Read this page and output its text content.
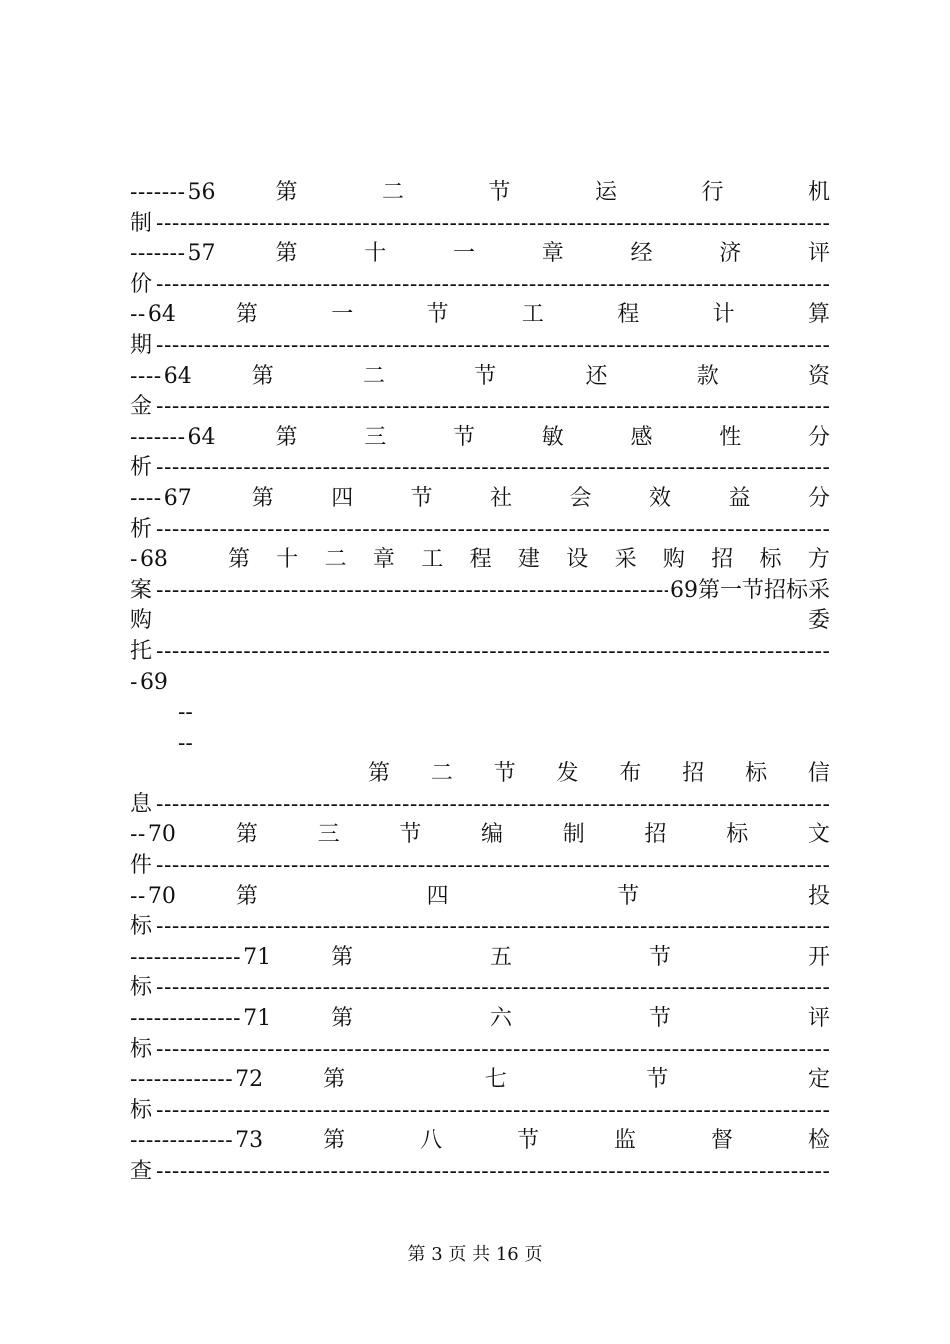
------- 56	第	二	节	运	行	机
制
-----
------- 57	第	十	一	章	经	济	评
价
-----
-- 64	第	一	节	工	程	计	算
期
-----
---- 64	第	二	节	还	款	资
金
-----
------- 64	第	三	节	敏	感	性	分
析
-----
---- 67	第	四	节	社	会	效	益	分
析
-----
- 68	第 十 二 章 工 程 建 设 采 购 招 标 方
案
-----	69 第一节招标采
购	委
托
-----
- 69
--
--
第 二 节 发 布 招 标 信
息
-----
-- 70	第	三	节	编	制	招	标	文
件
-----
-- 70	第	四	节	投
标
-----
-------------- 71	第	五	节	开
标
-----
-------------- 71	第	六	节	评
标
-----
------------- 72	第	七	节	定
标
-----
------------- 73	第	八	节	监	督	检
查
-----
第 3 页 共 16 页
